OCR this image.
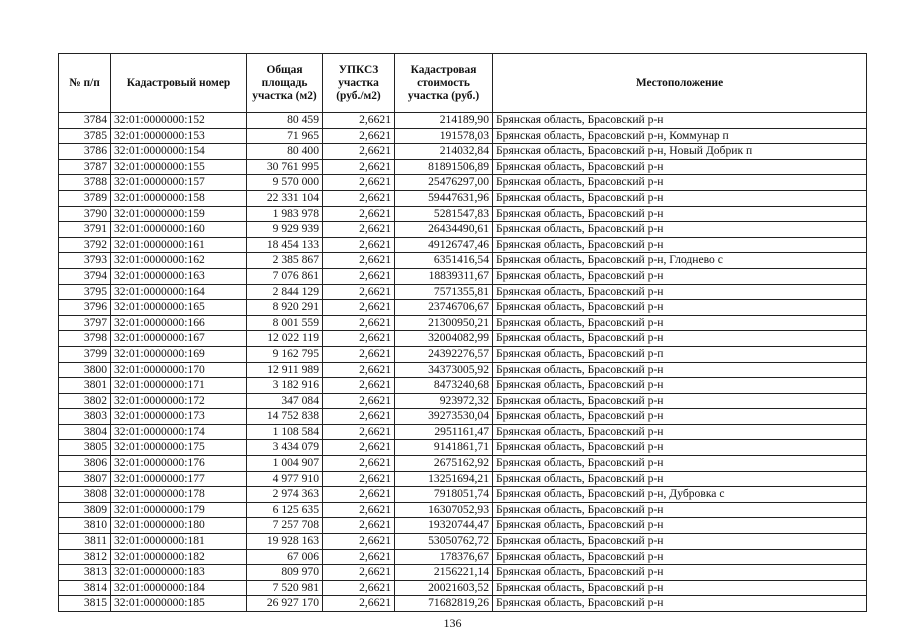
№ п/п	Кадастровый номер	Общая площадь участка (м2)	УПКСЗ участка (руб./м2)	Кадастровая стоимость участка (руб.)	Местоположение
3784	32:01:0000000:152	80 459	2,6621	214189,90	Брянская область, Брасовский р-н
3785	32:01:0000000:153	71 965	2,6621	191578,03	Брянская область, Брасовский р-н, Коммунар п
3786	32:01:0000000:154	80 400	2,6621	214032,84	Брянская область, Брасовский р-н, Новый Добрик п
3787	32:01:0000000:155	30 761 995	2,6621	81891506,89	Брянская область, Брасовский р-н
3788	32:01:0000000:157	9 570 000	2,6621	25476297,00	Брянская область, Брасовский р-н
3789	32:01:0000000:158	22 331 104	2,6621	59447631,96	Брянская область, Брасовский р-н
3790	32:01:0000000:159	1 983 978	2,6621	5281547,83	Брянская область, Брасовский р-н
3791	32:01:0000000:160	9 929 939	2,6621	26434490,61	Брянская область, Брасовский р-н
3792	32:01:0000000:161	18 454 133	2,6621	49126747,46	Брянская область, Брасовский р-н
3793	32:01:0000000:162	2 385 867	2,6621	6351416,54	Брянская область, Брасовский р-н, Глоднево с
3794	32:01:0000000:163	7 076 861	2,6621	18839311,67	Брянская область, Брасовский р-н
3795	32:01:0000000:164	2 844 129	2,6621	7571355,81	Брянская область, Брасовский р-н
3796	32:01:0000000:165	8 920 291	2,6621	23746706,67	Брянская область, Брасовский р-н
3797	32:01:0000000:166	8 001 559	2,6621	21300950,21	Брянская область, Брасовский р-н
3798	32:01:0000000:167	12 022 119	2,6621	32004082,99	Брянская область, Брасовский р-н
3799	32:01:0000000:169	9 162 795	2,6621	24392276,57	Брянская область, Брасовский р-п
3800	32:01:0000000:170	12 911 989	2,6621	34373005,92	Брянская область, Брасовский р-н
3801	32:01:0000000:171	3 182 916	2,6621	8473240,68	Брянская область, Брасовский р-н
3802	32:01:0000000:172	347 084	2,6621	923972,32	Брянская область, Брасовский р-н
3803	32:01:0000000:173	14 752 838	2,6621	39273530,04	Брянская область, Брасовский р-н
3804	32:01:0000000:174	1 108 584	2,6621	2951161,47	Брянская область, Брасовский р-н
3805	32:01:0000000:175	3 434 079	2,6621	9141861,71	Брянская область, Брасовский р-н
3806	32:01:0000000:176	1 004 907	2,6621	2675162,92	Брянская область, Брасовский р-н
3807	32:01:0000000:177	4 977 910	2,6621	13251694,21	Брянская область, Брасовский р-н
3808	32:01:0000000:178	2 974 363	2,6621	7918051,74	Брянская область, Брасовский р-н, Дубровка с
3809	32:01:0000000:179	6 125 635	2,6621	16307052,93	Брянская область, Брасовский р-н
3810	32:01:0000000:180	7 257 708	2,6621	19320744,47	Брянская область, Брасовский р-н
3811	32:01:0000000:181	19 928 163	2,6621	53050762,72	Брянская область, Брасовский р-н
3812	32:01:0000000:182	67 006	2,6621	178376,67	Брянская область, Брасовский р-н
3813	32:01:0000000:183	809 970	2,6621	2156221,14	Брянская область, Брасовский р-н
3814	32:01:0000000:184	7 520 981	2,6621	20021603,52	Брянская область, Брасовский р-н
3815	32:01:0000000:185	26 927 170	2,6621	71682819,26	Брянская область, Брасовский р-н
136
